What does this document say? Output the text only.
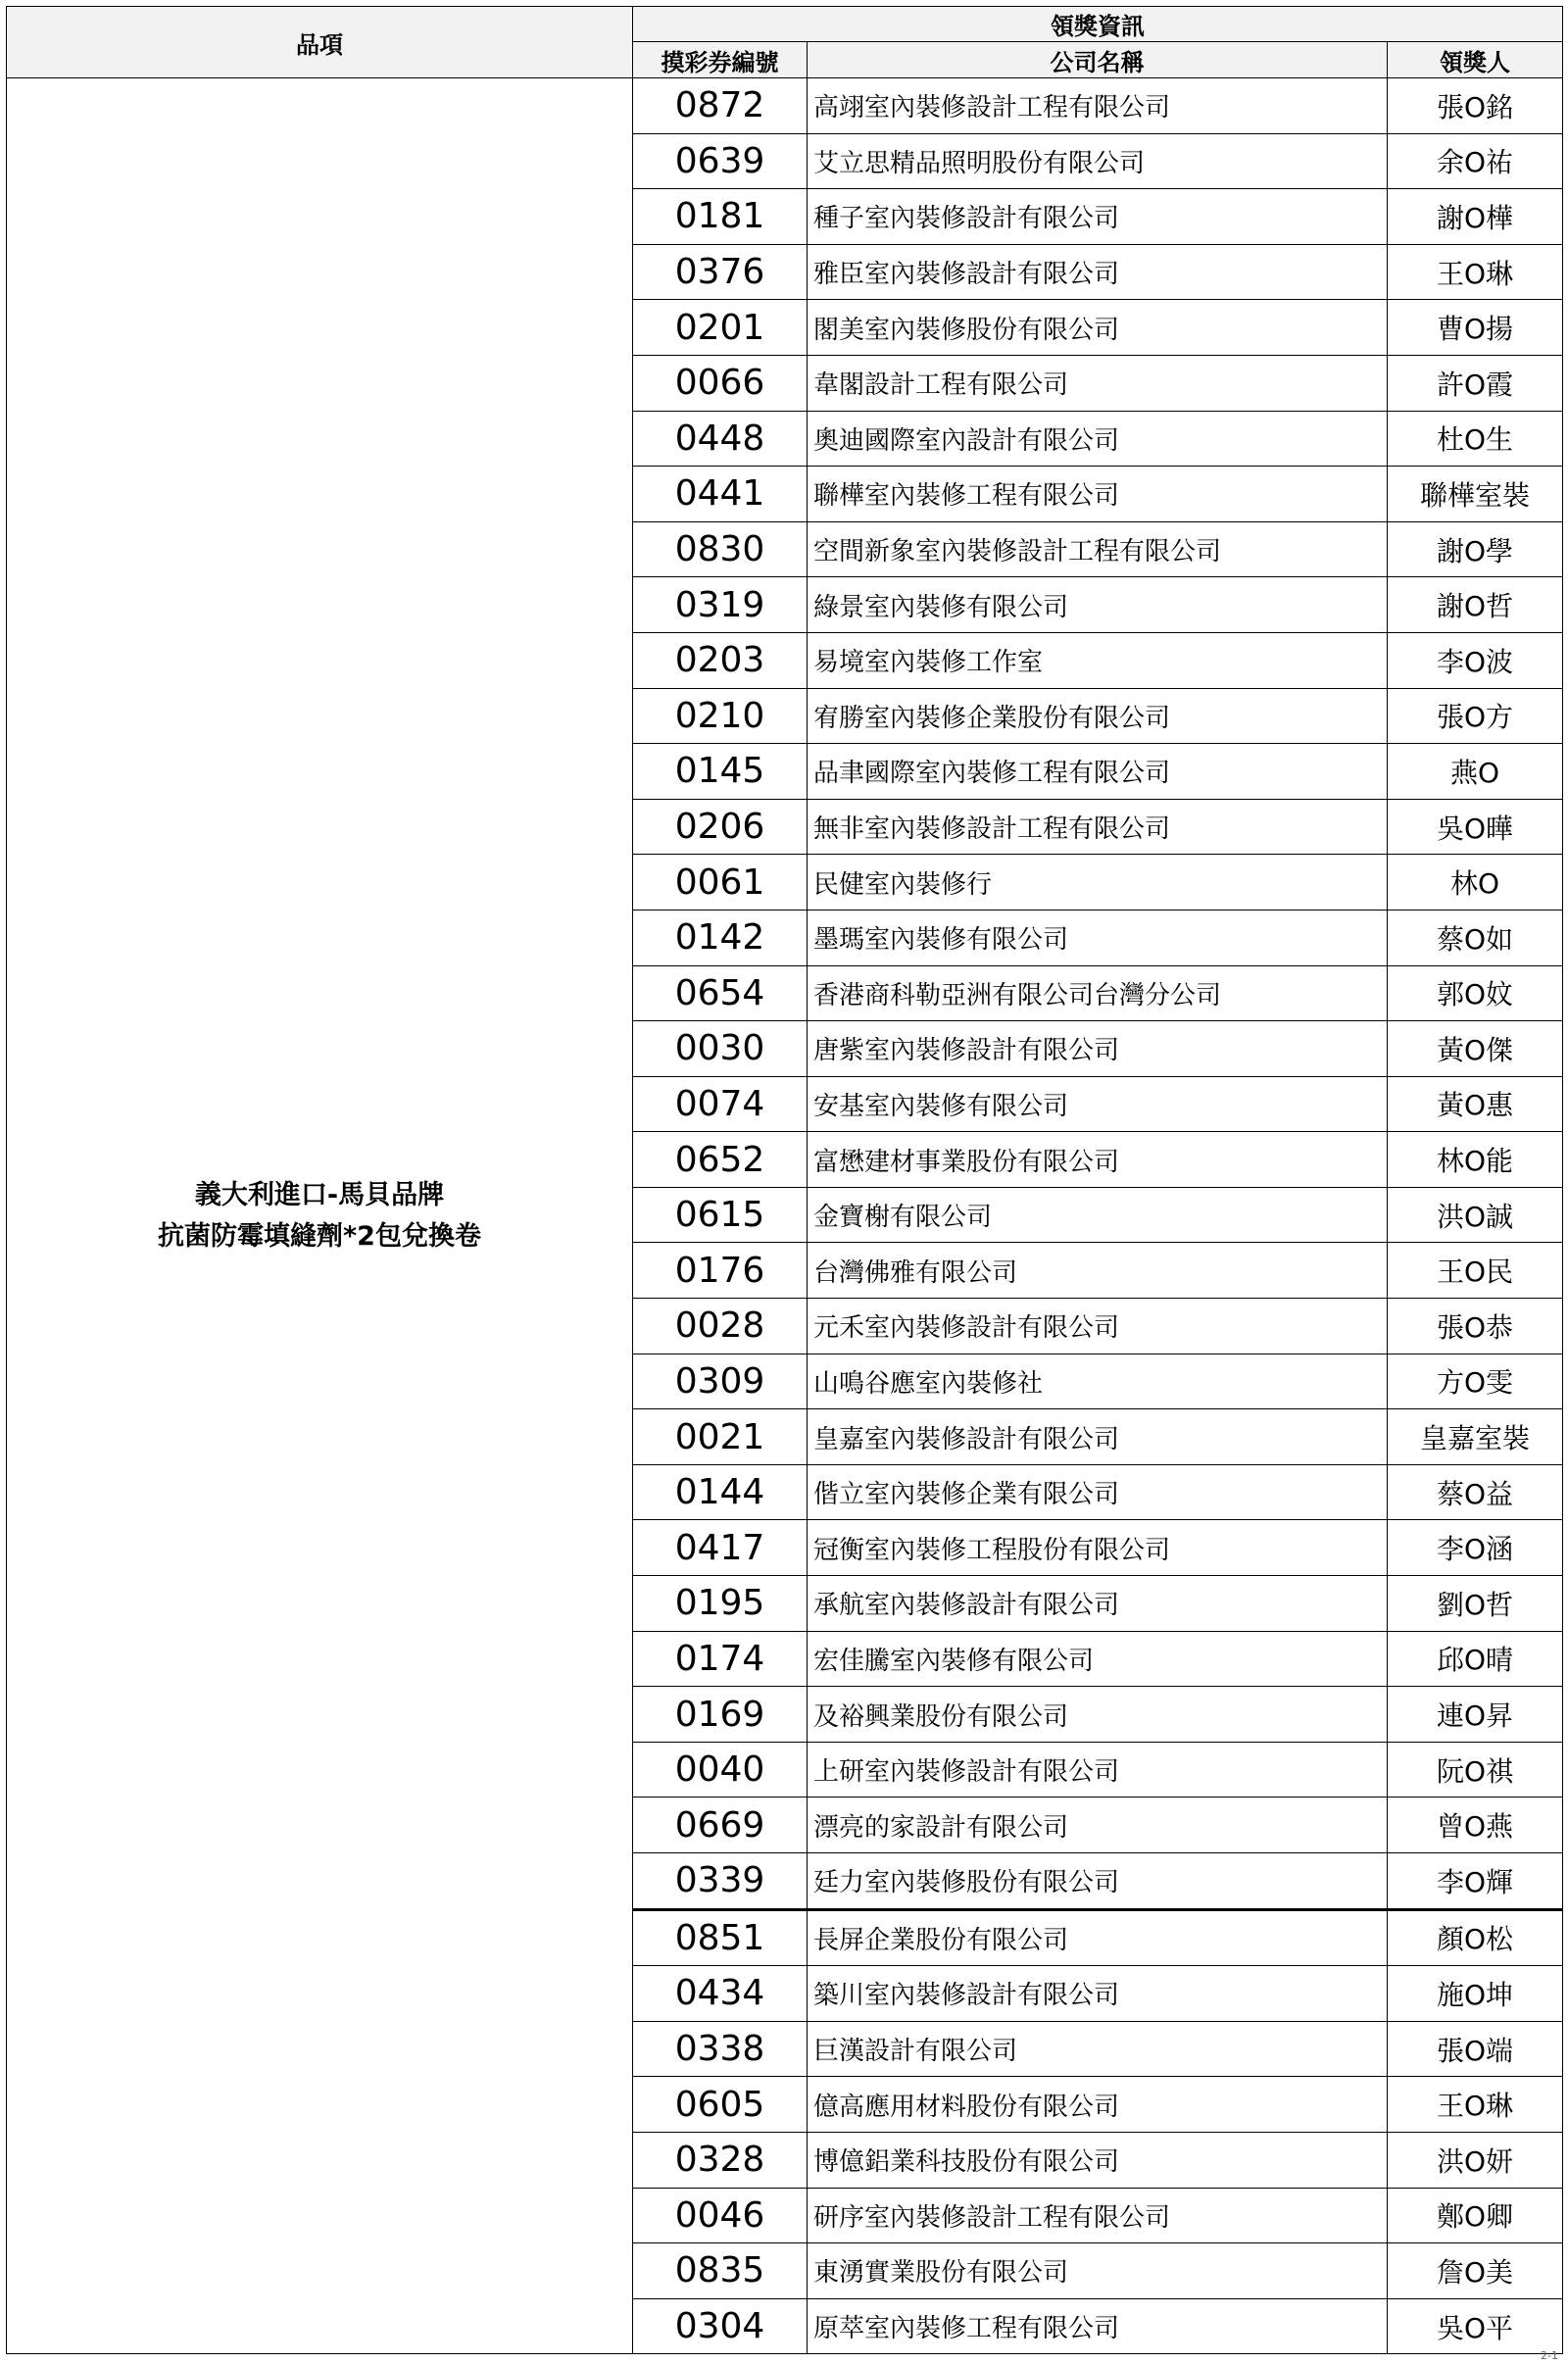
品項	領獎資訊		
	摸彩券編號	公司名稱	領獎人

義大利進口-馬貝品牌
抗菌防霉填縫劑*2包兌換卷	0872	高翊室內裝修設計工程有限公司	張O銘
	0639	艾立思精品照明股份有限公司	余O祐
	0181	種子室內裝修設計有限公司	謝O樺
	0376	雅臣室內裝修設計有限公司	王O琳
	0201	閣美室內裝修股份有限公司	曹O揚
	0066	韋閣設計工程有限公司	許O霞
	0448	奧迪國際室內設計有限公司	杜O生
	0441	聯樺室內裝修工程有限公司	聯樺室裝
	0830	空間新象室內裝修設計工程有限公司	謝O學
	0319	綠景室內裝修有限公司	謝O哲
	0203	易境室內裝修工作室	李O波
	0210	宥勝室內裝修企業股份有限公司	張O方
	0145	品聿國際室內裝修工程有限公司	燕O
	0206	無非室內裝修設計工程有限公司	吳O曄
	0061	民健室內裝修行	林O
	0142	墨瑪室內裝修有限公司	蔡O如
	0654	香港商科勒亞洲有限公司台灣分公司	郭O妏
	0030	唐紫室內裝修設計有限公司	黃O傑
	0074	安基室內裝修有限公司	黃O惠
	0652	富懋建材事業股份有限公司	林O能
	0615	金寶榭有限公司	洪O誠
	0176	台灣佛雅有限公司	王O民
	0028	元禾室內裝修設計有限公司	張O恭
	0309	山鳴谷應室內裝修社	方O雯
	0021	皇嘉室內裝修設計有限公司	皇嘉室裝
	0144	偕立室內裝修企業有限公司	蔡O益
	0417	冠衡室內裝修工程股份有限公司	李O涵
	0195	承航室內裝修設計有限公司	劉O哲
	0174	宏佳騰室內裝修有限公司	邱O晴
	0169	及裕興業股份有限公司	連O昇
	0040	上研室內裝修設計有限公司	阮O祺
	0669	漂亮的家設計有限公司	曾O燕
	0339	廷力室內裝修股份有限公司	李O輝
	0851	長屏企業股份有限公司	顏O松
	0434	築川室內裝修設計有限公司	施O坤
	0338	巨漢設計有限公司	張O端
	0605	億高應用材料股份有限公司	王O琳
	0328	博億鋁業科技股份有限公司	洪O妍
	0046	研序室內裝修設計工程有限公司	鄭O卿
	0835	東湧實業股份有限公司	詹O美
	0304	原萃室內裝修工程有限公司	吳O平
2-1
